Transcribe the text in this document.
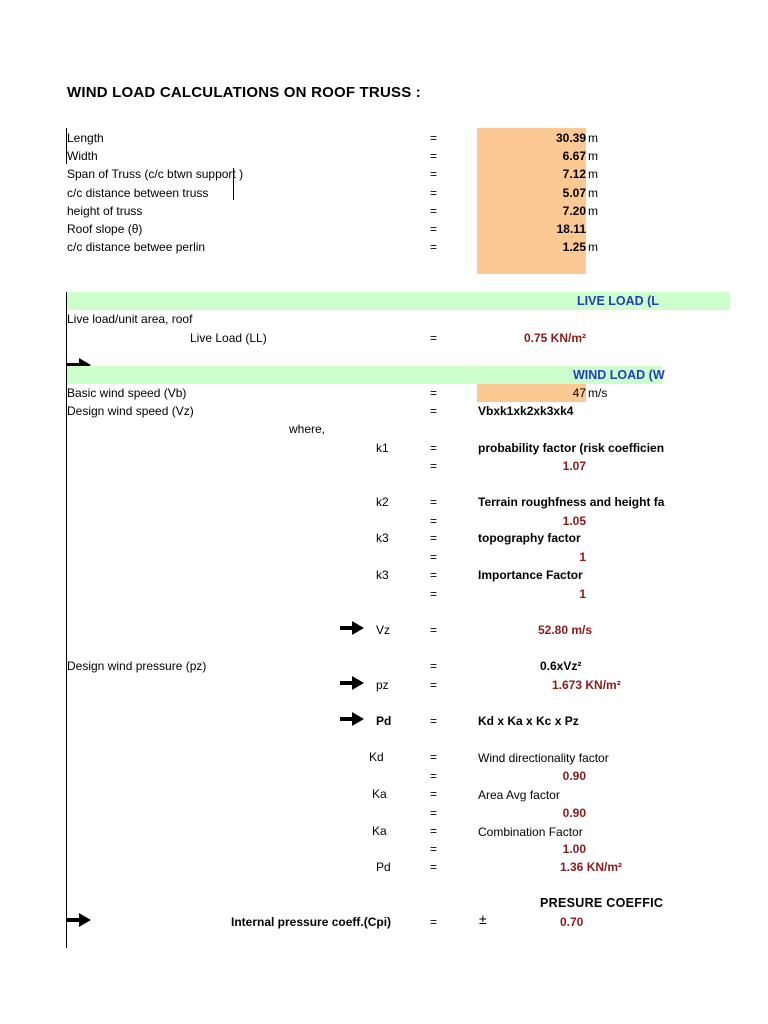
WIND LOAD CALCULATIONS ON ROOF TRUSS :
Length	=	30.39 m
Width	=	6.67 m
Span of Truss (c/c btwn support )	=	7.12 m
c/c distance between truss	=	5.07 m
height of truss	=	7.20 m
Roof slope (θ)	=	18.11
c/c distance betwee perlin	=	1.25 m
LIVE LOAD (L
Live load/unit area, roof
Live Load (LL)	=	0.75 KN/m²
WIND LOAD (W
Basic wind speed (Vb)	=	47 m/s
Design wind speed (Vz)	=	Vbxk1xk2xk3xk4
where,
k1	=	probability factor (risk coefficien
=	1.07
k2	=	Terrain roughfness and height fa
=	1.05
k3	=	topography factor
=	1
k3	=	Importance Factor
=	1
Vz	=	52.80 m/s
Design wind pressure (pz)	=	0.6xVz²
pz	=	1.673 KN/m²
Pd	=	Kd x Ka x Kc x Pz
Kd	=	Wind directionality factor
=	0.90
Ka	=	Area Avg factor
=	0.90
Ka	=	Combination Factor
=	1.00
Pd	=	1.36 KN/m²
PRESURE COEFFIC
Internal pressure coeff.(Cpi)	=	±	0.70
